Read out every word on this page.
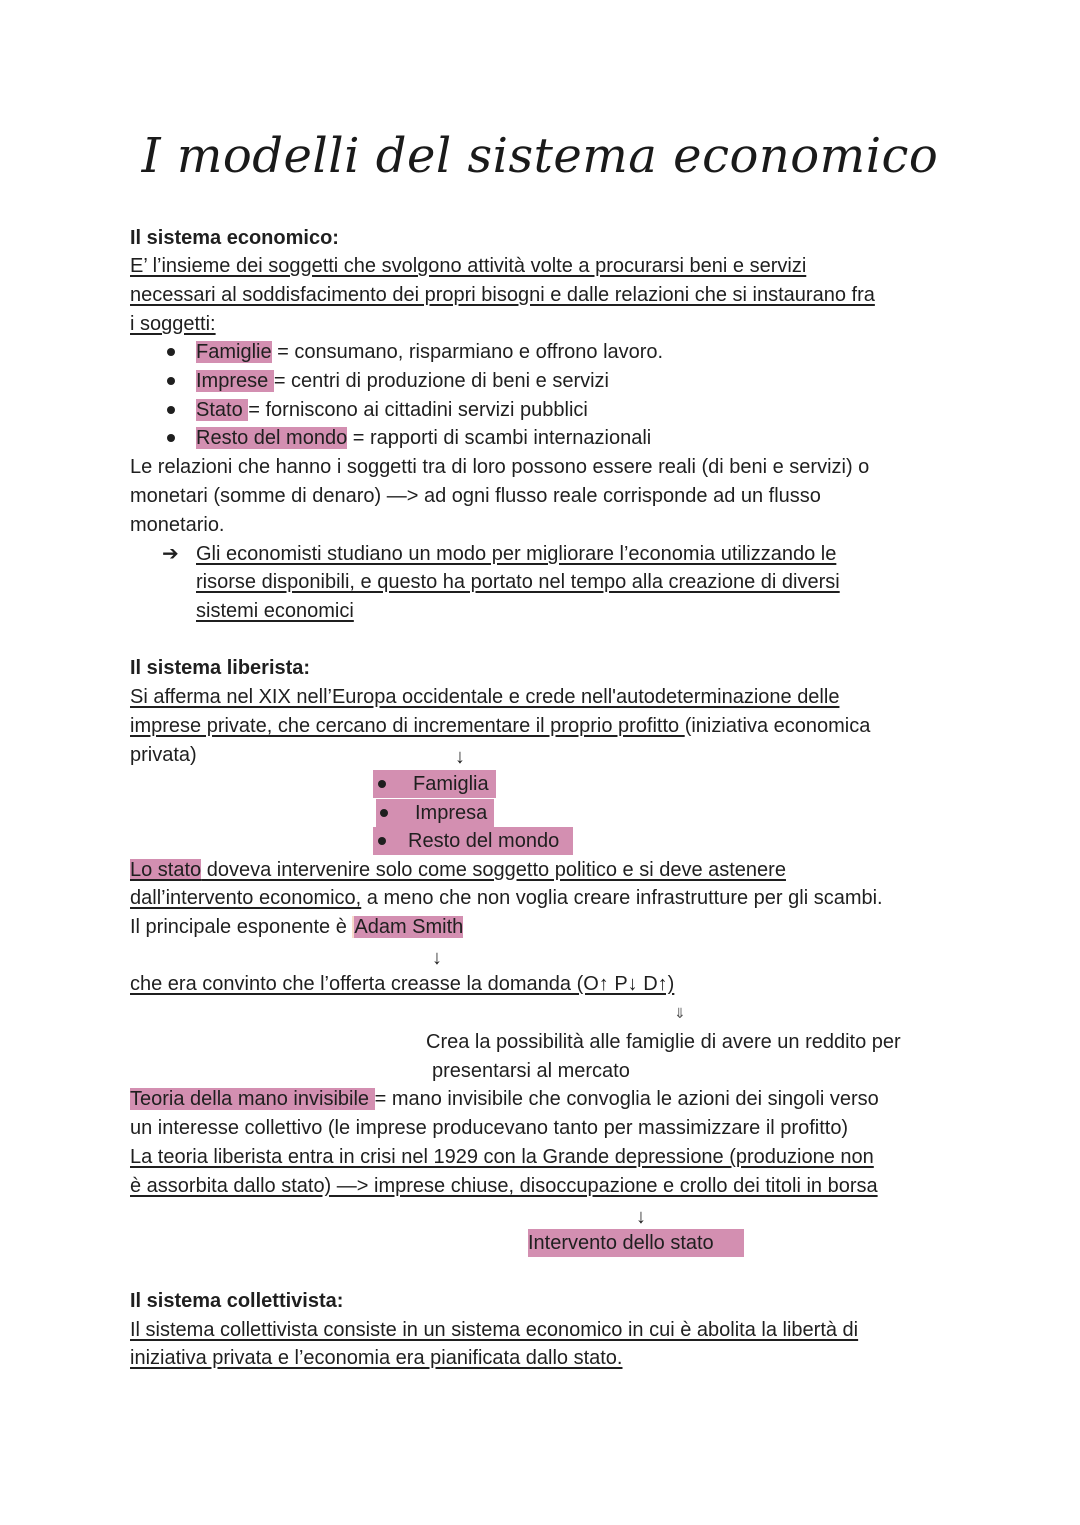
I modelli del sistema economico
Il sistema economico:
E’ l’insieme dei soggetti che svolgono attività volte a procurarsi beni e servizi
necessari al soddisfacimento dei propri bisogni e dalle relazioni che si instaurano fra
i soggetti:
Famiglie = consumano, risparmiano e offrono lavoro.
Imprese = centri di produzione di beni e servizi
Stato = forniscono ai cittadini servizi pubblici
Resto del mondo = rapporti di scambi internazionali
Le relazioni che hanno i soggetti tra di loro possono essere reali (di beni e servizi) o
monetari (somme di denaro) —> ad ogni flusso reale corrisponde ad un flusso
monetario.
➔ Gli economisti studiano un modo per migliorare l’economia utilizzando le
risorse disponibili, e questo ha portato nel tempo alla creazione di diversi
sistemi economici
Il sistema liberista:
Si afferma nel XIX nell’Europa occidentale e crede nell'autodeterminazione delle
imprese private, che cercano di incrementare il proprio profitto (iniziativa economica
privata)	↓
Famiglia
Impresa
Resto del mondo
Lo stato doveva intervenire solo come soggetto politico e si deve astenere
dall’intervento economico, a meno che non voglia creare infrastrutture per gli scambi.
Il principale esponente è Adam Smith
↓
che era convinto che l’offerta creasse la domanda (O↑ P↓ D↑)
⇓
Crea la possibilità alle famiglie di avere un reddito per
presentarsi al mercato
Teoria della mano invisibile = mano invisibile che convoglia le azioni dei singoli verso
un interesse collettivo (le imprese producevano tanto per massimizzare il profitto)
La teoria liberista entra in crisi nel 1929 con la Grande depressione (produzione non
è assorbita dallo stato) —> imprese chiuse, disoccupazione e crollo dei titoli in borsa
↓
Intervento dello stato
Il sistema collettivista:
Il sistema collettivista consiste in un sistema economico in cui è abolita la libertà di
iniziativa privata e l’economia era pianificata dallo stato.
